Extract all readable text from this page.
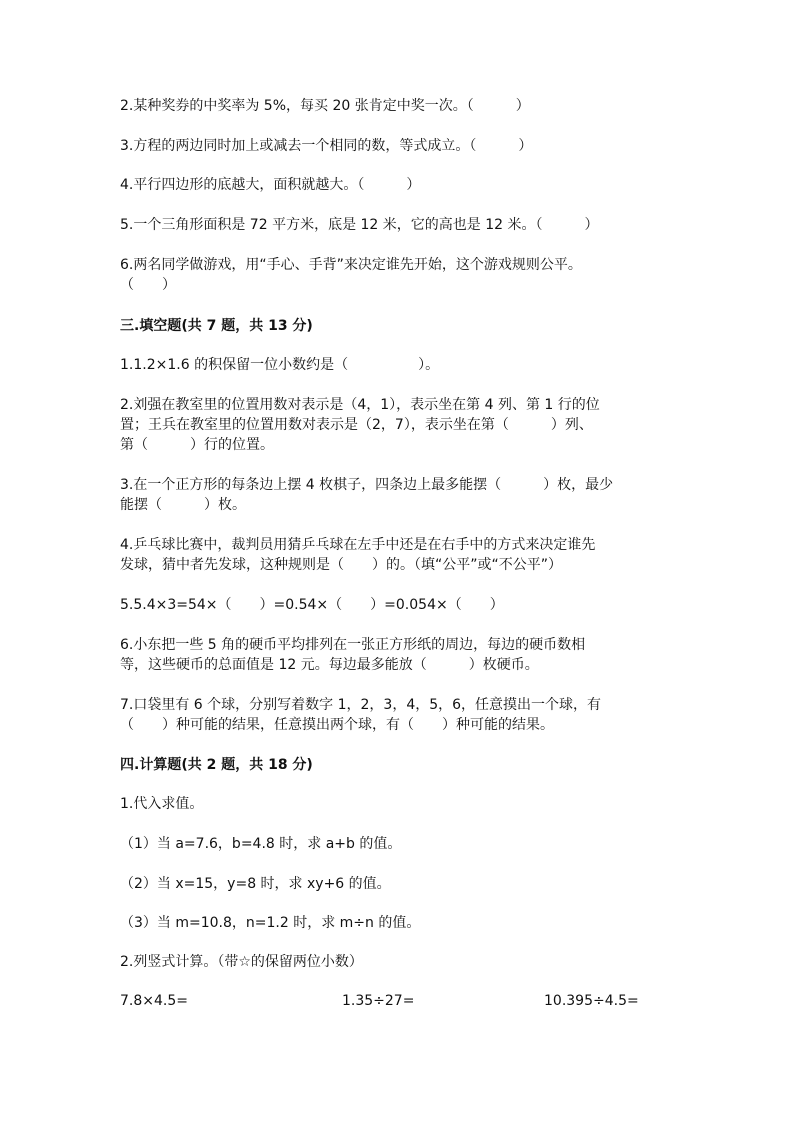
2.某种奖券的中奖率为 5%，每买 20 张肯定中奖一次。（　　　）
3.方程的两边同时加上或减去一个相同的数，等式成立。（　　　）
4.平行四边形的底越大，面积就越大。（　　　）
5.一个三角形面积是 72 平方米，底是 12 米，它的高也是 12 米。（　　　）
6.两名同学做游戏，用“手心、手背”来决定谁先开始，这个游戏规则公平。
（　　）
三.填空题(共 7 题，共 13 分)
1.1.2×1.6 的积保留一位小数约是（　　　　　）。
2.刘强在教室里的位置用数对表示是（4，1），表示坐在第 4 列、第 1 行的位
置；王兵在教室里的位置用数对表示是（2，7），表示坐在第（　　　）列、
第（　　　）行的位置。
3.在一个正方形的每条边上摆 4 枚棋子，四条边上最多能摆（　　　）枚，最少
能摆（　　　）枚。
4.乒乓球比赛中，裁判员用猜乒乓球在左手中还是在右手中的方式来决定谁先
发球，猜中者先发球，这种规则是（　　）的。（填“公平”或“不公平”）
5.5.4×3=54×（　　）=0.54×（　　）=0.054×（　　）
6.小东把一些 5 角的硬币平均排列在一张正方形纸的周边，每边的硬币数相
等，这些硬币的总面值是 12 元。每边最多能放（　　　）枚硬币。
7.口袋里有 6 个球，分别写着数字 1，2，3，4，5，6，任意摸出一个球，有
（　　）种可能的结果，任意摸出两个球，有（　　）种可能的结果。
四.计算题(共 2 题，共 18 分)
1.代入求值。
（1）当 a=7.6，b=4.8 时，求 a+b 的值。
（2）当 x=15，y=8 时，求 xy+6 的值。
（3）当 m=10.8，n=1.2 时，求 m÷n 的值。
2.列竖式计算。（带☆的保留两位小数）
7.8×4.5=	1.35÷27=	10.395÷4.5=
